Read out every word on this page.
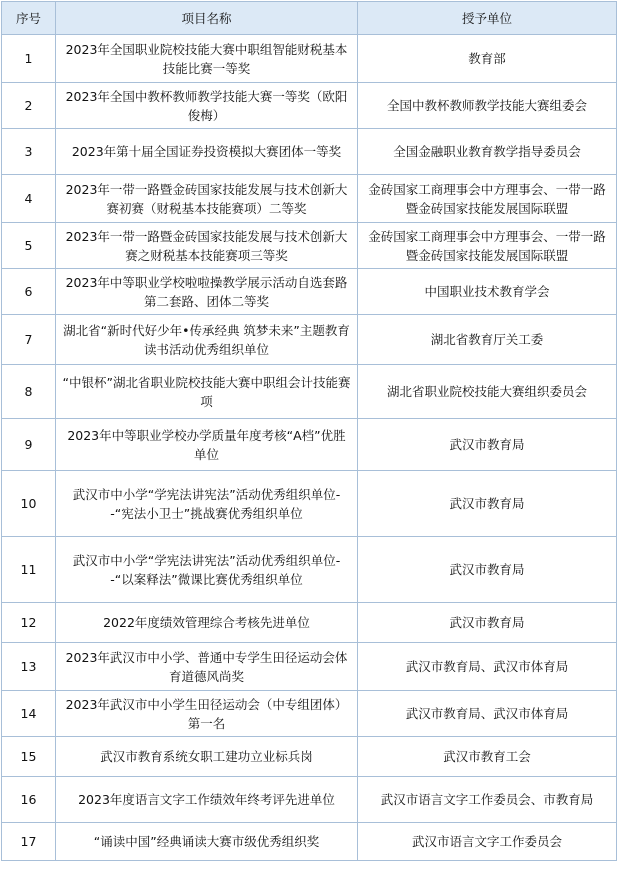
序号	项目名称	授予单位
1	2023年全国职业院校技能大赛中职组智能财税基本技能比赛一等奖	教育部
2	2023年全国中教杯教师教学技能大赛一等奖（欧阳俊梅）	全国中教杯教师教学技能大赛组委会
3	2023年第十届全国证券投资模拟大赛团体一等奖	全国金融职业教育教学指导委员会
4	2023年一带一路暨金砖国家技能发展与技术创新大赛初赛（财税基本技能赛项）二等奖	金砖国家工商理事会中方理事会、一带一路暨金砖国家技能发展国际联盟
5	2023年一带一路暨金砖国家技能发展与技术创新大赛之财税基本技能赛项三等奖	金砖国家工商理事会中方理事会、一带一路暨金砖国家技能发展国际联盟
6	2023年中等职业学校啦啦操教学展示活动自选套路第二套路、团体二等奖	中国职业技术教育学会
7	湖北省“新时代好少年•传承经典 筑梦未来”主题教育读书活动优秀组织单位	湖北省教育厅关工委
8	“中银杯”湖北省职业院校技能大赛中职组会计技能赛项	湖北省职业院校技能大赛组织委员会
9	2023年中等职业学校办学质量年度考核“A档”优胜单位	武汉市教育局
10	武汉市中小学“学宪法讲宪法”活动优秀组织单位--“宪法小卫士”挑战赛优秀组织单位	武汉市教育局
11	武汉市中小学“学宪法讲宪法”活动优秀组织单位--“以案释法”微课比赛优秀组织单位	武汉市教育局
12	2022年度绩效管理综合考核先进单位	武汉市教育局
13	2023年武汉市中小学、普通中专学生田径运动会体育道德风尚奖	武汉市教育局、武汉市体育局
14	2023年武汉市中小学生田径运动会（中专组团体）第一名	武汉市教育局、武汉市体育局
15	武汉市教育系统女职工建功立业标兵岗	武汉市教育工会
16	2023年度语言文字工作绩效年终考评先进单位	武汉市语言文字工作委员会、市教育局
17	“诵读中国”经典诵读大赛市级优秀组织奖	武汉市语言文字工作委员会
